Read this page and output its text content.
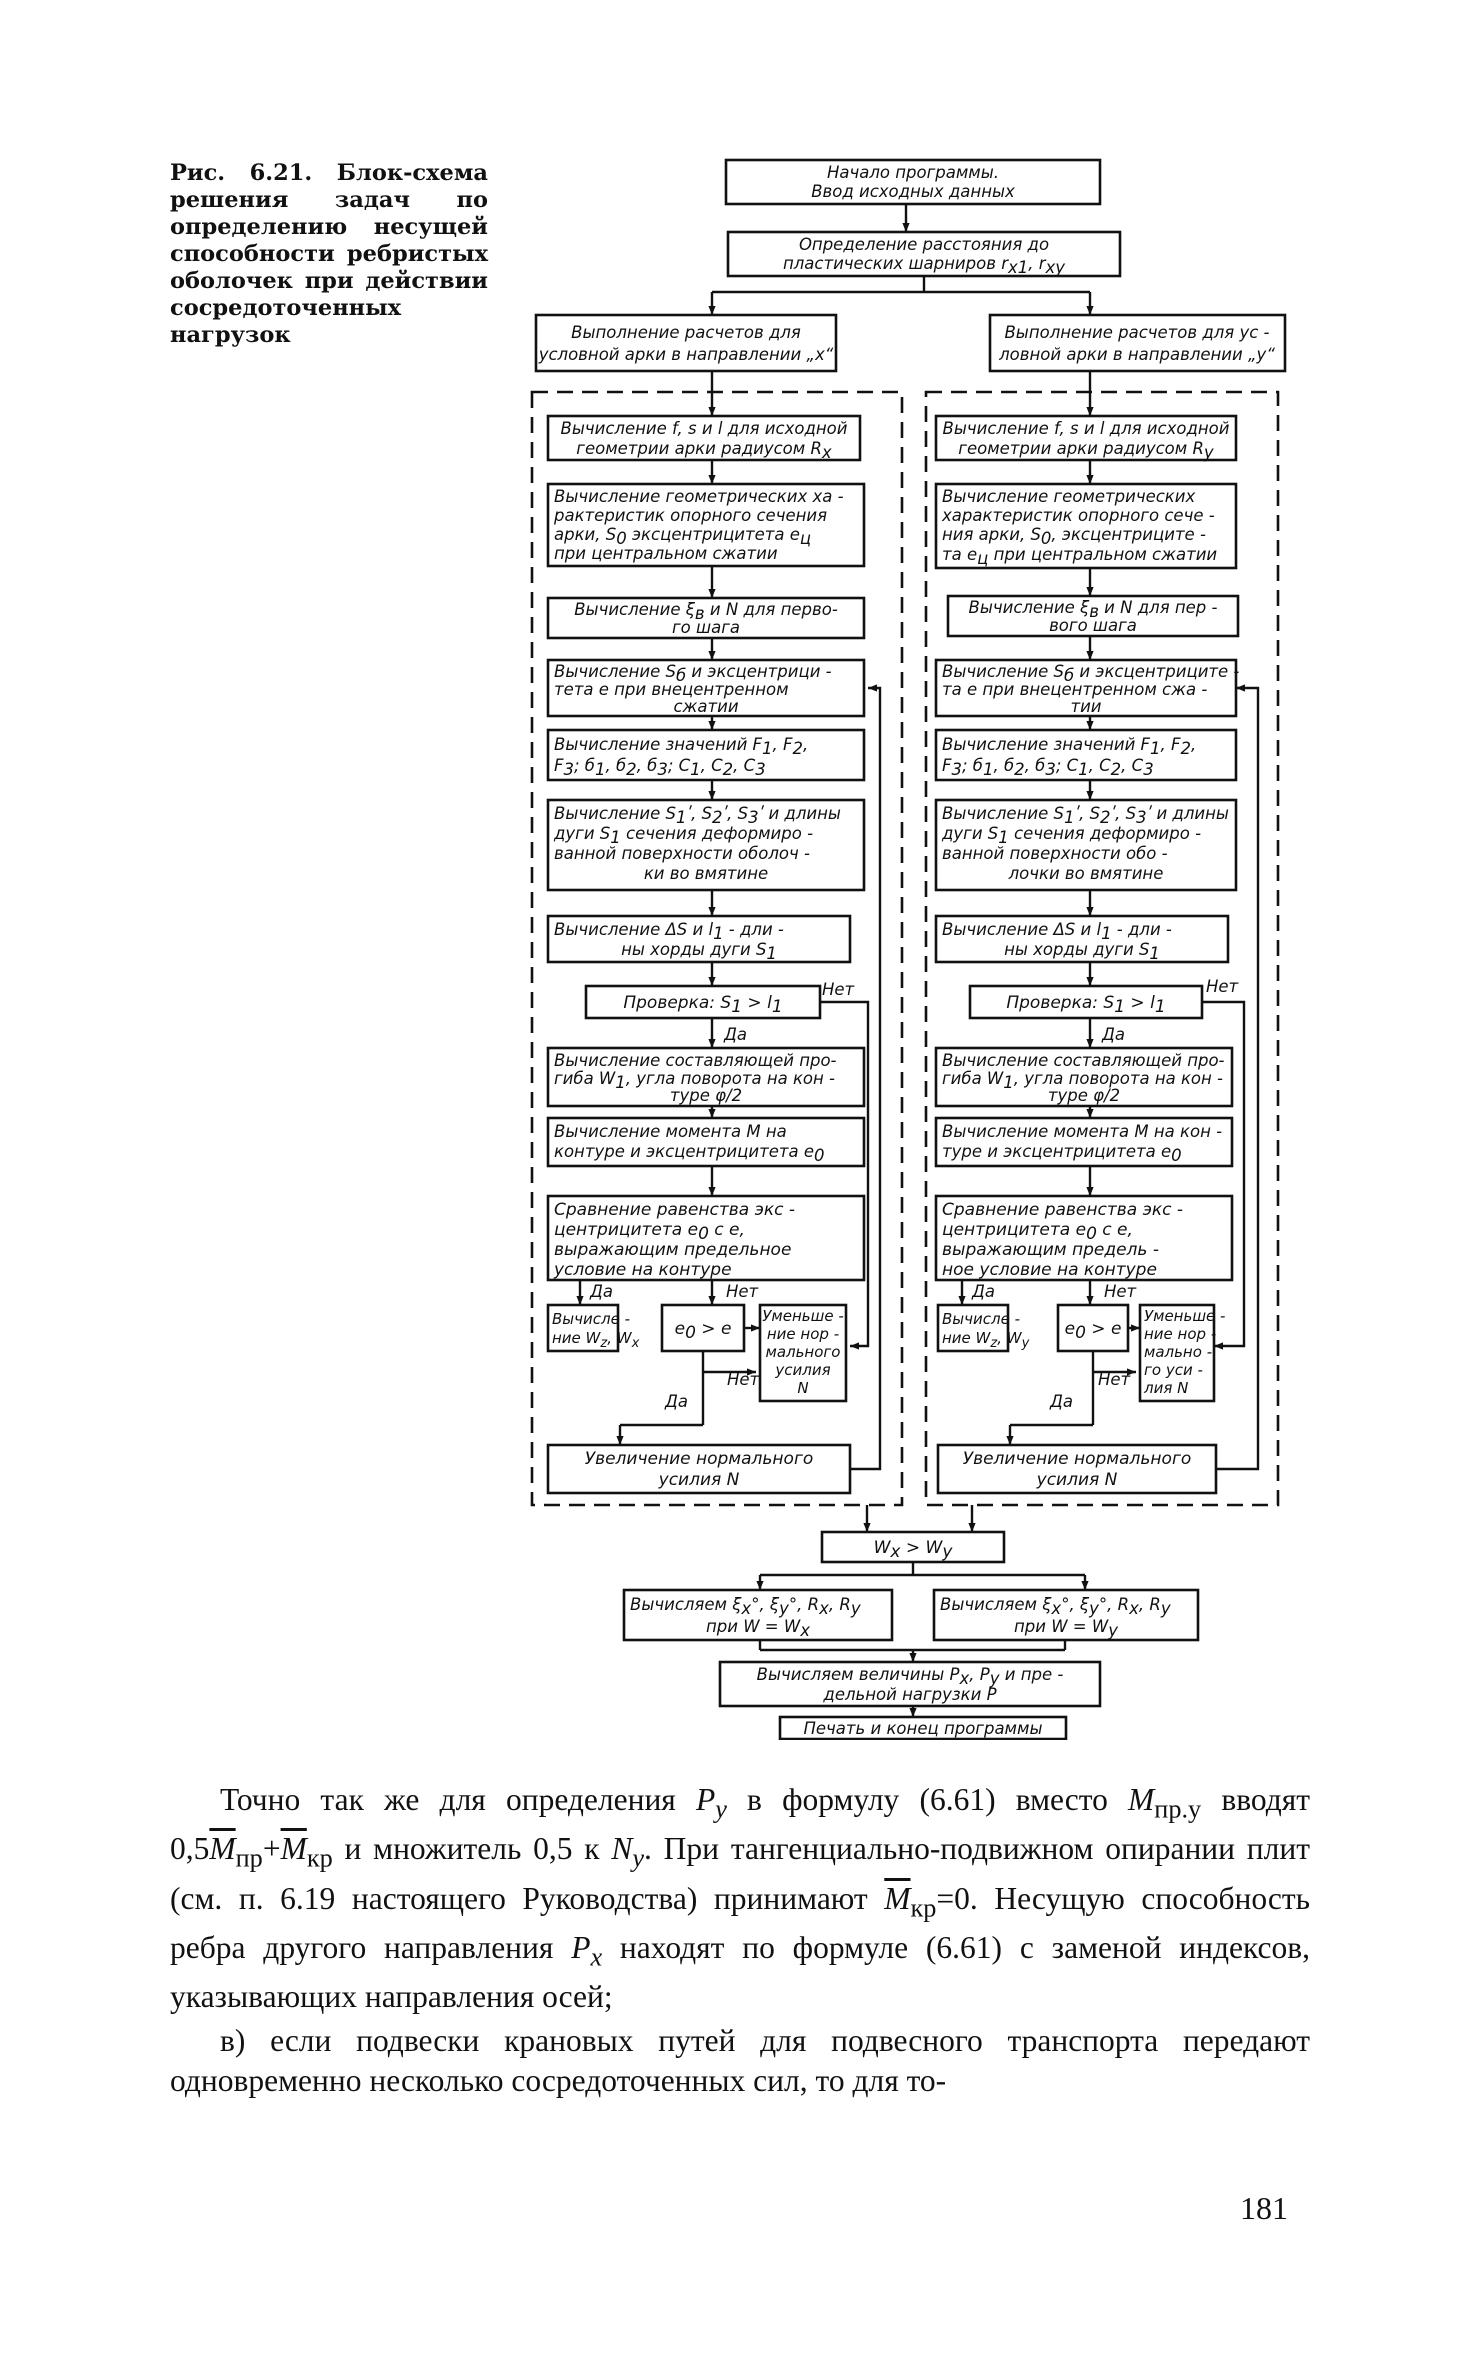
Рис. 6.21. Блок-схема решения задач по определению несущей способности ребристых оболочек при действии сосредоточенных нагрузок
Начало программы.
Ввод исходных данных
Определение расстояния до
пластических шарниров rx1, rxy
Выполнение расчетов для
условной арки в направлении „x“
Выполнение расчетов для ус -
ловной арки в направлении „y“
Вычисление f, s и l для исходной
геометрии арки радиусом Rx
Вычисление геометрических ха -
рактеристик опорного сечения
арки, S0 эксцентрицитета eц
при центральном сжатии
Вычисление ξв и N для перво-
го шага
Вычисление Sб и эксцентрици -
тета е при внецентренном
сжатии
Вычисление значений F1, F2,
F3; б1, б2, б3; C1, C2, C3
Вычисление S1ʹ, S2ʹ, S3ʹ и длины
дуги S1 сечения деформиро -
ванной поверхности оболоч -
ки во вмятине
Вычисление ΔS и l1 - дли -
ны хорды дуги S1
Проверка: S1 > l1
Нет
Да
Вычисление составляющей про-
гиба W1, угла поворота на кон -
туре φ/2
Вычисление момента M на
контуре и эксцентрицитета e0
Сравнение равенства экс -
центрицитета e0 с e,
выражающим предельное
условие на контуре
Да	Нет
Вычисле -
ние Wz, Wx
e0 > e
Уменьше -
ние нор -
мального
усилия
N
Нет
Да
Увеличение нормального
усилия N
Вычисление f, s и l для исходной
геометрии арки радиусом Ry
Вычисление геометрических
характеристик опорного сече -
ния арки, S0, эксцентрицитe -
та eц при центральном сжатии
Вычисление ξв и N для пер -
вого шага
Вычисление Sб и эксцентрицитe -
та е при внецентренном сжа -
тии
Вычисление значений F1, F2,
F3; б1, б2, б3; C1, C2, C3
Вычисление S1ʹ, S2ʹ, S3ʹ и длины
дуги S1 сечения деформиро -
ванной поверхности обо -
лочки во вмятине
Вычисление ΔS и l1 - дли -
ны хорды дуги S1
Проверка: S1 > l1
Нет
Да
Вычисление составляющей про-
гиба W1, угла поворота на кон -
туре φ/2
Вычисление момента M на кон -
туре и эксцентрицитета e0
Сравнение равенства экс -
центрицитета e0 с e,
выражающим предель -
ное условие на контуре
Да	Нет
Вычисле -
ние Wz, Wy
e0 > e
Уменьше -
ние нор -
мально -
го уси -
лия N
Нет
Да
Увеличение нормального
усилия N
Wx > Wy
Вычисляем ξx°, ξy°, Rx, Ry
при W = Wx
Вычисляем ξx°, ξy°, Rx, Ry
при W = Wy
Вычисляем величины Px, Py и пре -
дельной нагрузки P
Печать и конец программы

Точно так же для определения $P_y$ в формулу (6.61) вместо $M_{пр.y}$ вводят $0,5\overline{M}_{пр}+\overline{M}_{кр}$ и множитель 0,5 к $N_y$. При тангенциально-подвижном опирании плит (см. п. 6.19 настоящего Руководства) принимают $\overline{M}_{кр}=0$. Несущую способность ребра другого направления $P_x$ находят по формуле (6.61) с заменой индексов, указывающих направления осей;

в) если подвески крановых путей для подвесного транспорта передают одновременно несколько сосредоточенных сил, то для то-

181
